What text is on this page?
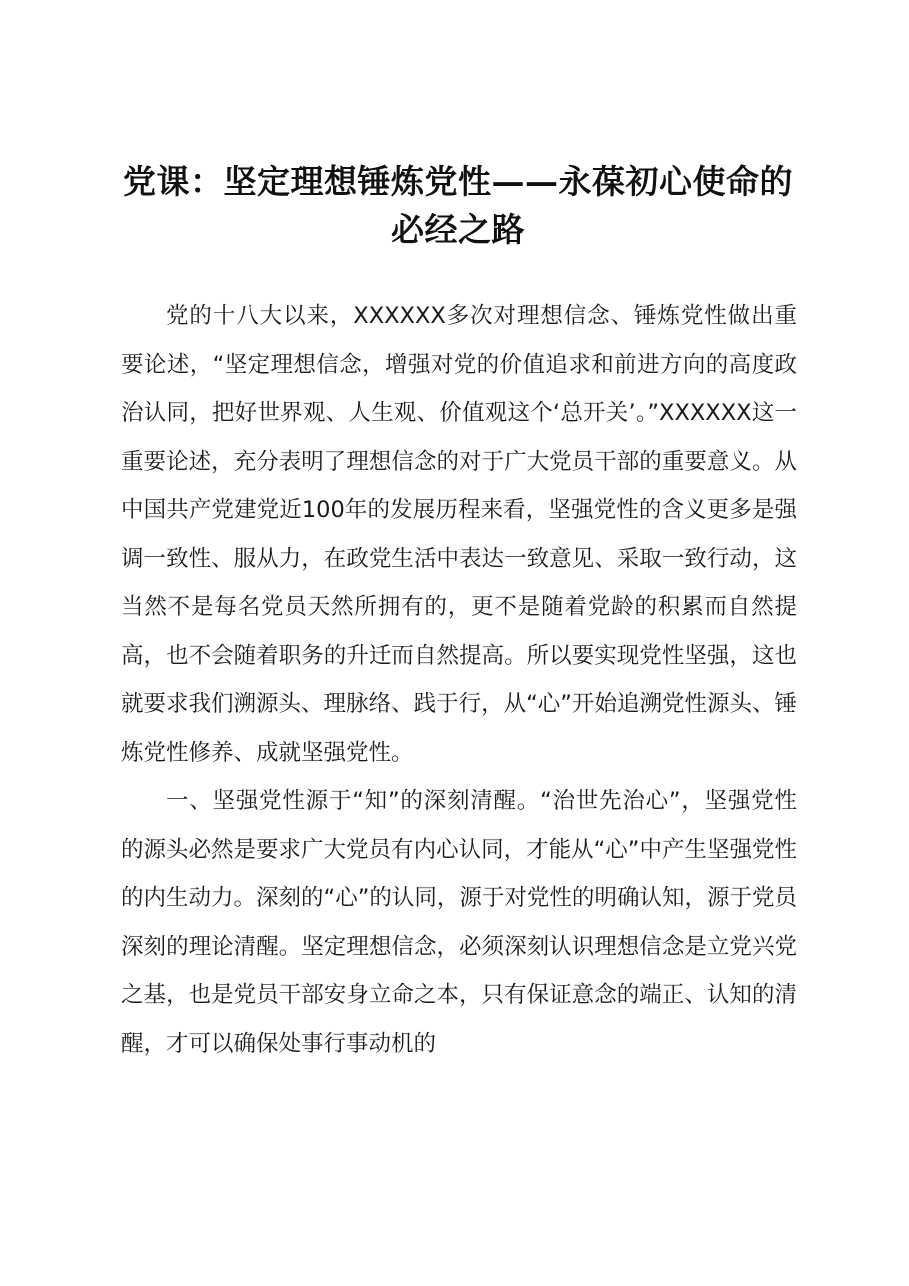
党课：坚定理想锤炼党性——永葆初心使命的必经之路

党的十八大以来，XXXXXX多次对理想信念、锤炼党性做出重要论述，“坚定理想信念，增强对党的价值追求和前进方向的高度政治认同，把好世界观、人生观、价值观这个‘总开关’。”XXXXXX这一重要论述，充分表明了理想信念的对于广大党员干部的重要意义。从中国共产党建党近100年的发展历程来看，坚强党性的含义更多是强调一致性、服从力，在政党生活中表达一致意见、采取一致行动，这当然不是每名党员天然所拥有的，更不是随着党龄的积累而自然提高，也不会随着职务的升迁而自然提高。所以要实现党性坚强，这也就要求我们溯源头、理脉络、践于行，从“心”开始追溯党性源头、锤炼党性修养、成就坚强党性。

一、坚强党性源于“知”的深刻清醒。“治世先治心”，坚强党性的源头必然是要求广大党员有内心认同，才能从“心”中产生坚强党性的内生动力。深刻的“心”的认同，源于对党性的明确认知，源于党员深刻的理论清醒。坚定理想信念，必须深刻认识理想信念是立党兴党之基，也是党员干部安身立命之本，只有保证意念的端正、认知的清醒，才可以确保处事行事动机的
